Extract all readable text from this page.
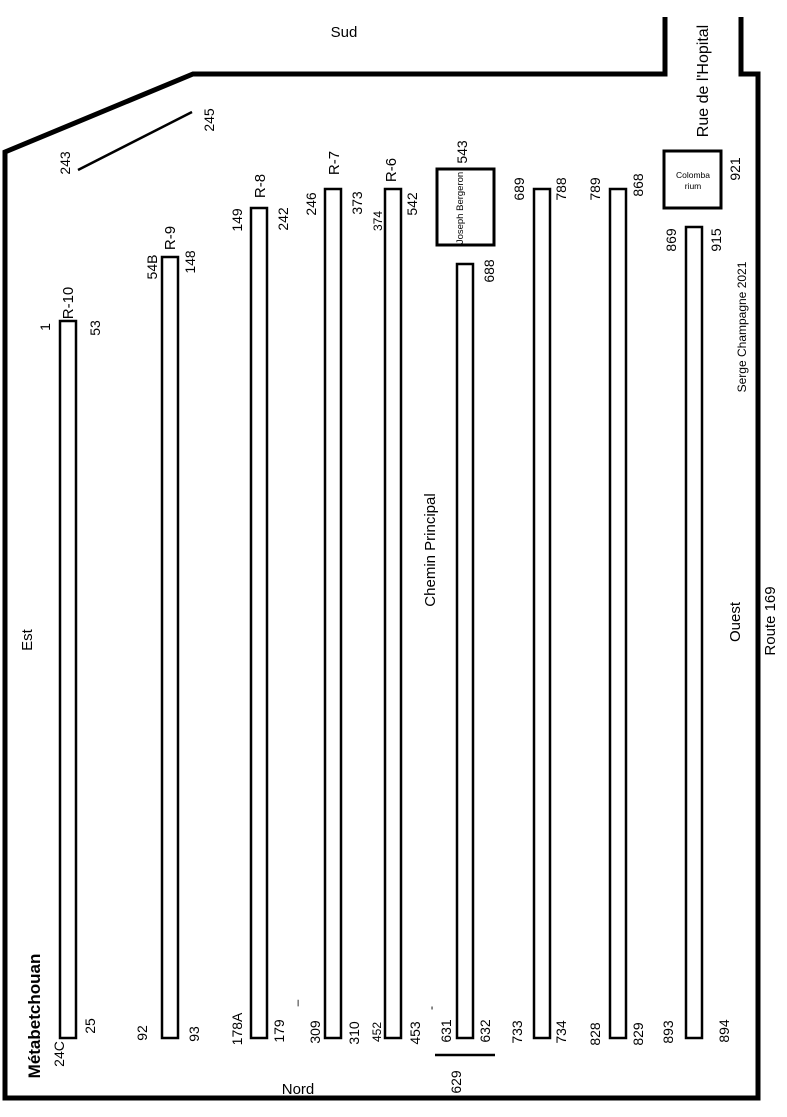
Sud
Nord
Est	Ouest
Rue de l'Hopital
Route 169
Chemin Principal
Métabetchouan
Serge Champagne 2021
Joseph Bergeron	Colomba
rium
243
245
921
629
–
-
R-10
R-9
R-8
R-7	R-6
1 53
54B 148
149 242
246 373
374
542
543
688
689 788 789 868
869 915
24C
25	92	93 178A 179 309 310 452 453 631 632 733 734 828 829 893	894
